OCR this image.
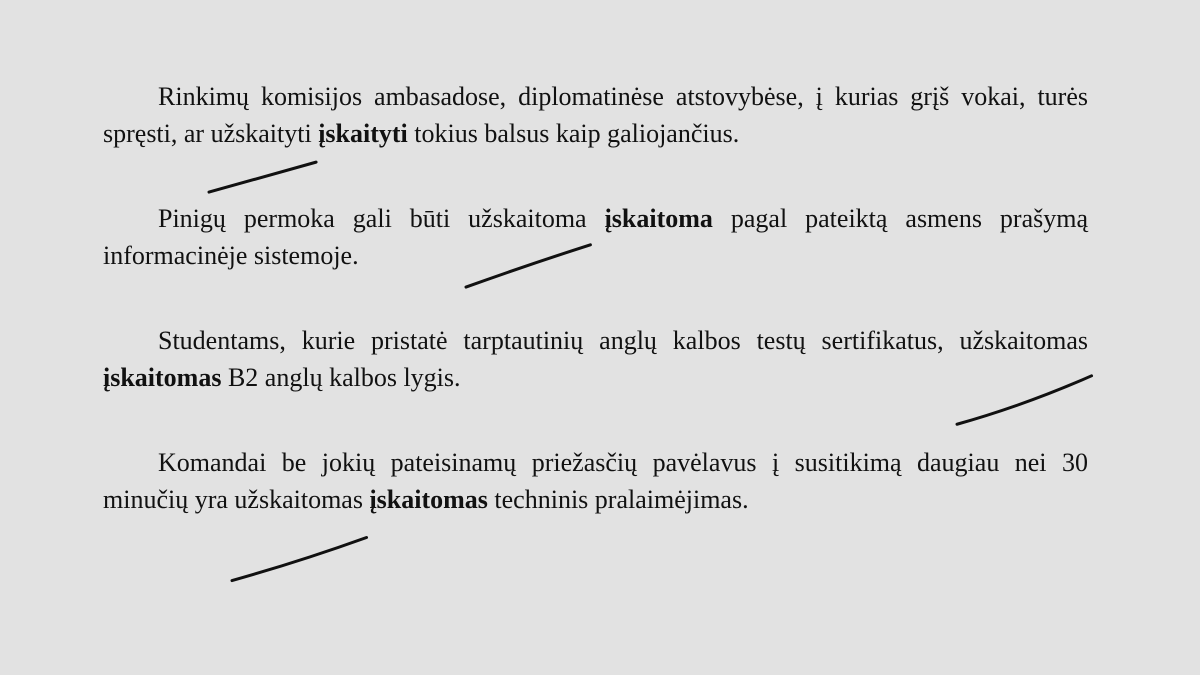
Rinkimų komisijos ambasadose, diplomatinėse atstovybėse, į kurias grįš vokai, turės spręsti, ar užskaityti įskaityti tokius balsus kaip galiojančius.

Pinigų permoka gali būti užskaitoma įskaitoma pagal pateiktą asmens prašymą informacinėje sistemoje.

Studentams, kurie pristatė tarptautinių anglų kalbos testų sertifikatus, užskaitomas
įskaitomas B2 anglų kalbos lygis.

Komandai be jokių pateisinamų priežasčių pavėlavus į susitikimą daugiau nei 30 minučių yra užskaitomas įskaitomas techninis pralaimėjimas.
